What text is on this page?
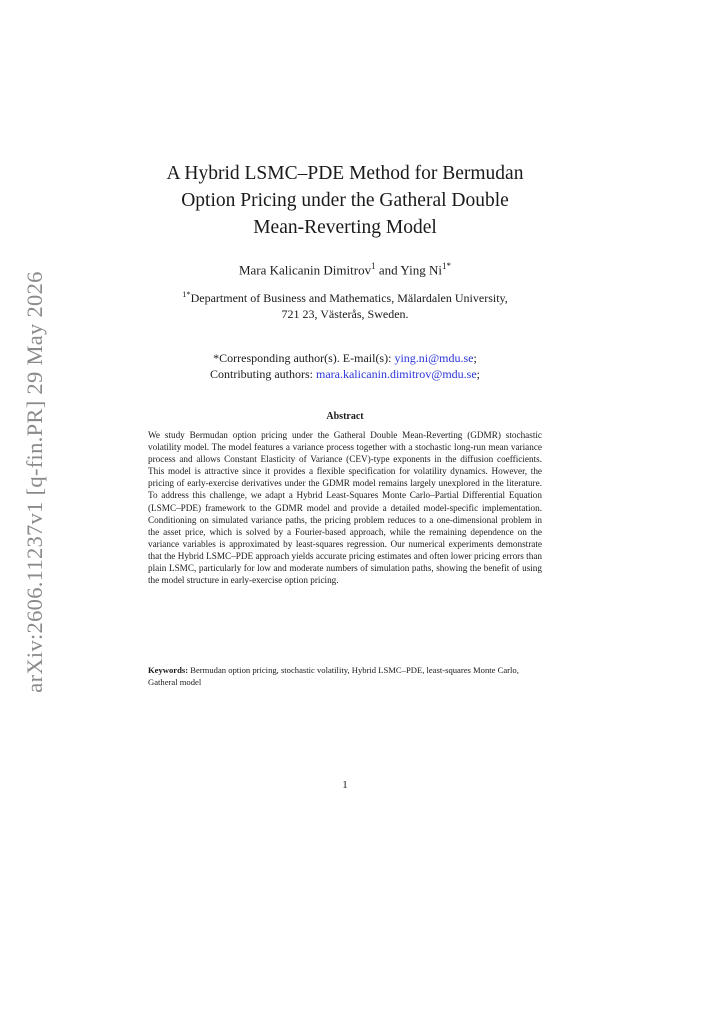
arXiv:2606.11237v1 [q-fin.PR] 29 May 2026
A Hybrid LSMC–PDE Method for Bermudan
Option Pricing under the Gatheral Double
Mean-Reverting Model
Mara Kalicanin Dimitrov$^1$ and Ying $Ni^{1*}$
$^{1*}$Department of Business and Mathematics, Mälardalen University,
721 23, Västerås, Sweden.
*Corresponding author(s). E-mail(s): ying.ni@mdu.se;
Contributing authors: mara.kalicanin.dimitrov@mdu.se;
Abstract
We study Bermudan option pricing under the Gatheral Double Mean-Reverting (GDMR) stochastic volatility model. The model features a variance process together with a stochastic long-run mean variance process and allows Constant Elasticity of Variance (CEV)-type exponents in the diffusion coefficients. This model is attractive since it provides a flexible specification for volatility dynamics. However, the pricing of early-exercise derivatives under the GDMR model remains largely unexplored in the literature. To address this challenge, we adapt a Hybrid Least-Squares Monte Carlo–Partial Differential Equation (LSMC–PDE) framework to the GDMR model and provide a detailed model-specific implementation. Conditioning on simulated variance paths, the pricing problem reduces to a one-dimensional problem in the asset price, which is solved by a Fourier-based approach, while the remaining dependence on the variance variables is approximated by least-squares regression. Our numerical experiments demonstrate that the Hybrid LSMC–PDE approach yields accurate pricing estimates and often lower pricing errors than plain LSMC, particularly for low and moderate numbers of simulation paths, showing the benefit of using the model structure in early-exercise option pricing.
Keywords: Bermudan option pricing, stochastic volatility, Hybrid LSMC–PDE, least-squares Monte Carlo, Gatheral model
1
